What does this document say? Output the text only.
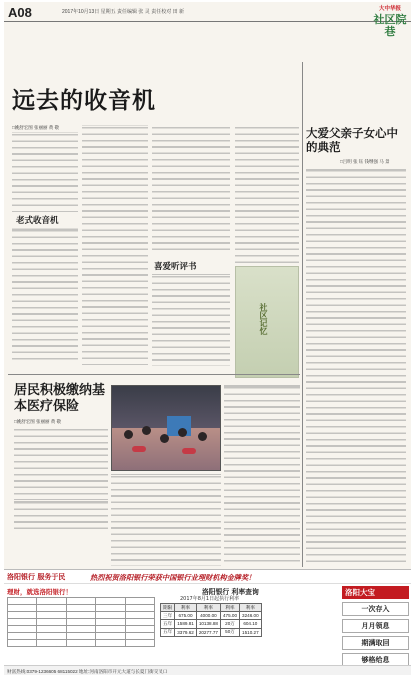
A08	2017年10月13日 星期五 责任编辑 张 灵 责任校对 田 新	大中华报
社区院巷
远去的收音机
□姚舒宏图 张丽丽 黄 敬
老式收音机
喜爱听评书
社区记忆
大爱父亲子女心中的典范
□吕明 张 钰 钱继强 马 景
居民积极缴纳基本医疗保险
□姚舒宏图 张丽丽 黄 敬
洛阳银行 服务于民	热烈祝贺洛阳银行荣获中国银行业理财机构金牌奖！
理财，就选洛阳银行！

					洛阳银行 利率查询
2017年8月1日起执行利率
期限	利率	利率	利率	利率
三年	675.00	4000.00	475.00	3246.00
五年	1589.81	10138.88	20万	604.10
五年	3379.62	20277.77	50万	1510.27
洛阳大宝
一次存入
月月领息
期满取回
够格给息
财富热线:0379-1236605 68115022 地址:河南洛阳市开元大道与长夏门街交叉口
